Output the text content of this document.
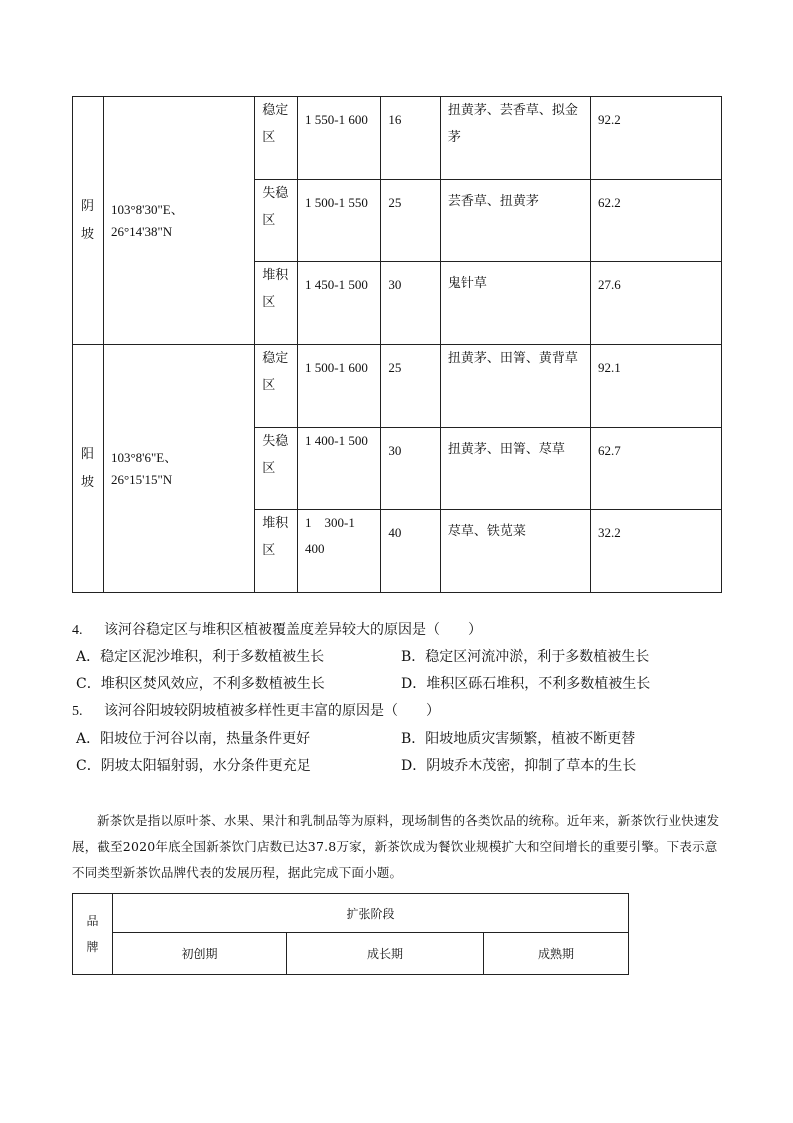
阴坡	103°8'30"E、
26°14'38"N	稳定区	1 550-1 600	16	扭黄茅、芸香草、拟金茅	92.2

		失稳区	1 500-1 550	25	芸香草、扭黄茅	62.2

		堆积区	1 450-1 500	30	鬼针草	27.6

阳坡	103°8'6"E、
26°15'15"N	稳定区	1 500-1 600	25	扭黄茅、田箐、黄背草	92.1

		失稳区	1 400-1 500	30	扭黄茅、田箐、荩草	62.7

		堆积区	1　300-1 400	40	荩草、铁苋菜	32.2
4. 该河谷稳定区与堆积区植被覆盖度差异较大的原因是（　　）
A．稳定区泥沙堆积，利于多数植被生长	B．稳定区河流冲淤，利于多数植被生长
C．堆积区焚风效应，不利多数植被生长	D．堆积区砾石堆积，不利多数植被生长
5. 该河谷阳坡较阴坡植被多样性更丰富的原因是（　　）
A．阳坡位于河谷以南，热量条件更好	B．阳坡地质灾害频繁，植被不断更替
C．阴坡太阳辐射弱，水分条件更充足	D．阴坡乔木茂密，抑制了草本的生长
新茶饮是指以原叶茶、水果、果汁和乳制品等为原料，现场制售的各类饮品的统称。近年来，新茶饮行业快速发展，截至2020年底全国新茶饮门店数已达37.8万家，新茶饮成为餐饮业规模扩大和空间增长的重要引擎。下表示意不同类型新茶饮品牌代表的发展历程，据此完成下面小题。
品牌	扩张阶段		
	初创期	成长期	成熟期
